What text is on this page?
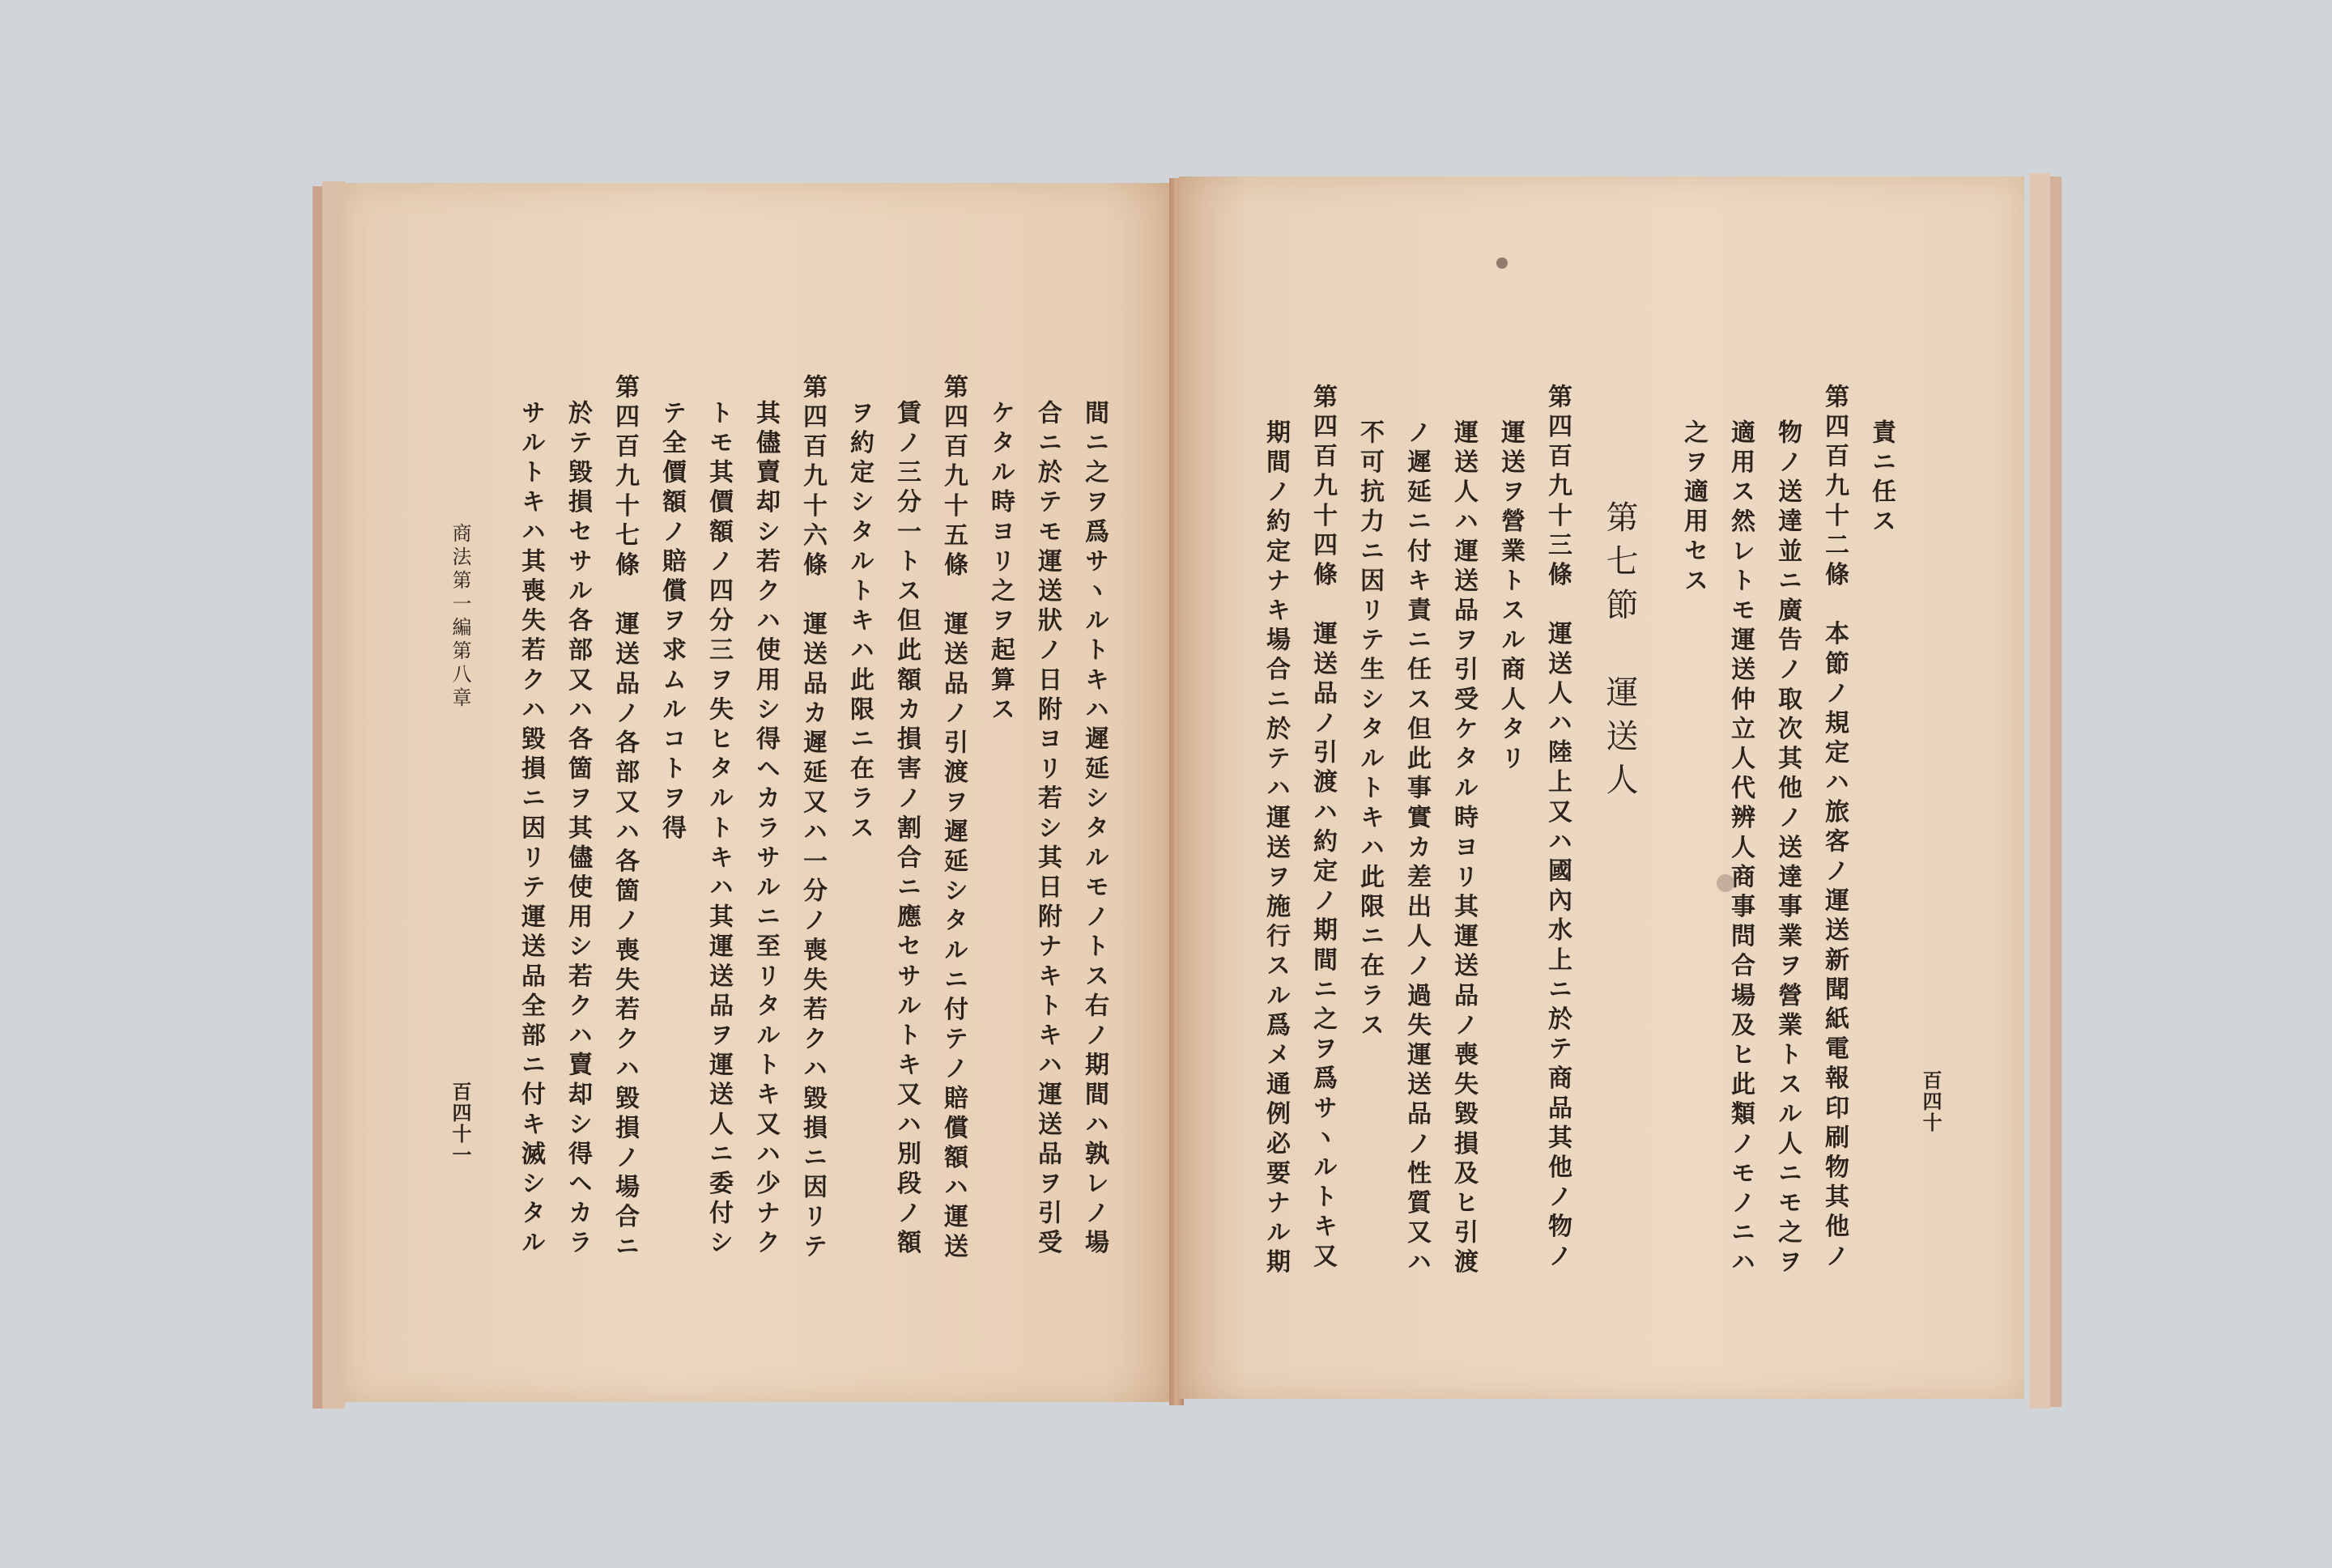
間ニ之ヲ爲サヽルトキハ遲延シタルモノトス右ノ期間ハ孰レノ場
合ニ於テモ運送狀ノ日附ヨリ若シ其日附ナキトキハ運送品ヲ引受
ケタル時ヨリ之ヲ起算ス
第四百九十五條　運送品ノ引渡ヲ遲延シタルニ付テノ賠償額ハ運送
賃ノ三分一トス但此額カ損害ノ割合ニ應セサルトキ又ハ別段ノ額
ヲ約定シタルトキハ此限ニ在ラス
第四百九十六條　運送品カ遲延又ハ一分ノ喪失若クハ毀損ニ因リテ
其儘賣却シ若クハ使用シ得ヘカラサルニ至リタルトキ又ハ少ナク
トモ其價額ノ四分三ヲ失ヒタルトキハ其運送品ヲ運送人ニ委付シ
テ全價額ノ賠償ヲ求ムルコトヲ得
第四百九十七條　運送品ノ各部又ハ各箇ノ喪失若クハ毀損ノ場合ニ
於テ毀損セサル各部又ハ各箇ヲ其儘使用シ若クハ賣却シ得ヘカラ
サルトキハ其喪失若クハ毀損ニ因リテ運送品全部ニ付キ滅シタル
商法第一編第八章
百四十一	百四十
責ニ任ス
第四百九十二條　本節ノ規定ハ旅客ノ運送新聞紙電報印刷物其他ノ
物ノ送達並ニ廣告ノ取次其他ノ送達事業ヲ營業トスル人ニモ之ヲ
適用ス然レトモ運送仲立人代辨人商事問合場及ヒ此類ノモノニハ
之ヲ適用セス
第七節　運送人
第四百九十三條　運送人ハ陸上又ハ國內水上ニ於テ商品其他ノ物ノ
運送ヲ營業トスル商人タリ
運送人ハ運送品ヲ引受ケタル時ヨリ其運送品ノ喪失毀損及ヒ引渡
ノ遲延ニ付キ責ニ任ス但此事實カ差出人ノ過失運送品ノ性質又ハ
不可抗力ニ因リテ生シタルトキハ此限ニ在ラス
第四百九十四條　運送品ノ引渡ハ約定ノ期間ニ之ヲ爲サヽルトキ又
期間ノ約定ナキ場合ニ於テハ運送ヲ施行スル爲メ通例必要ナル期
